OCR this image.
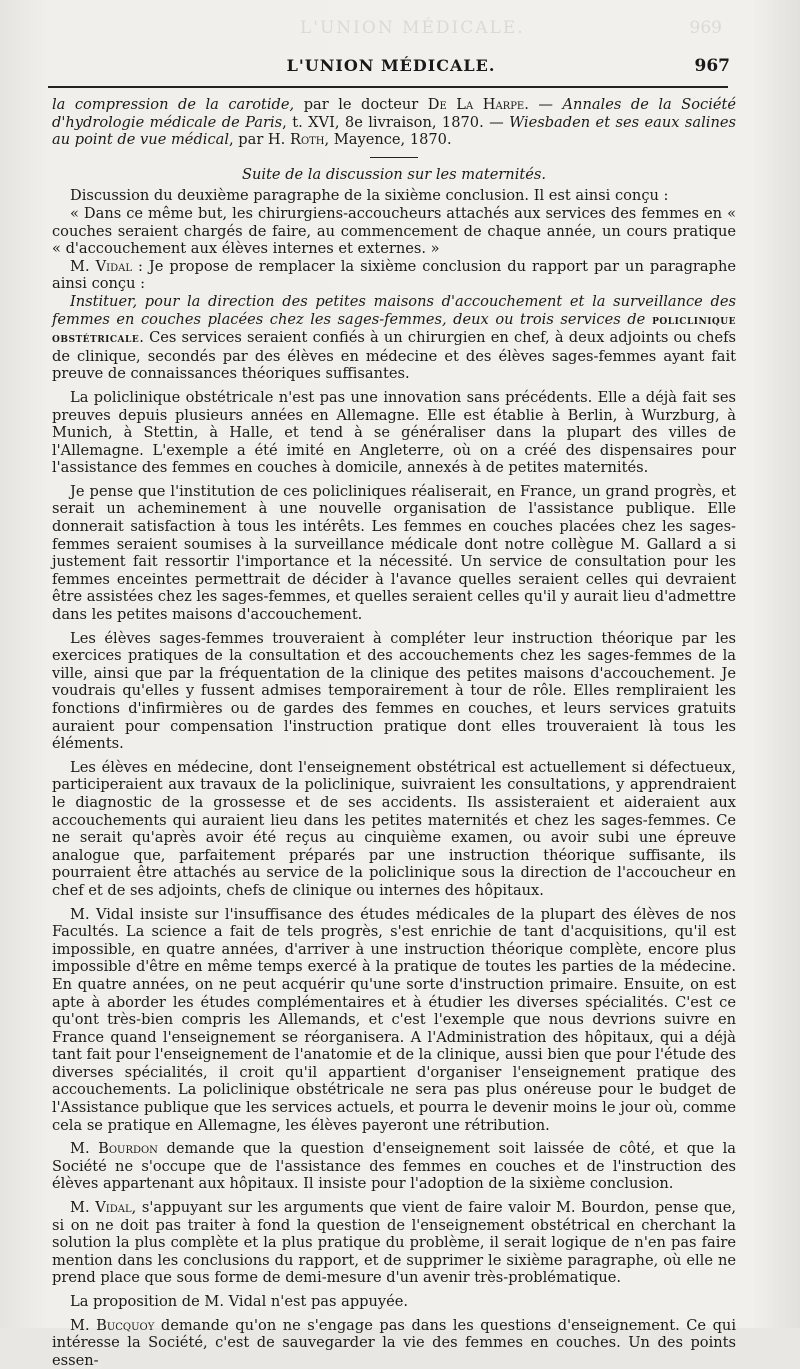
L'UNION MÉDICALE.	969
L'UNION MÉDICALE.	967

la compression de la carotide, par le docteur De La Harpe. — Annales de la Société d'hydrologie médicale de Paris, t. XVI, 8e livraison, 1870. — Wiesbaden et ses eaux salines au point de vue médical, par H. Roth, Mayence, 1870.

Suite de la discussion sur les maternités.

Discussion du deuxième paragraphe de la sixième conclusion. Il est ainsi conçu :

« Dans ce même but, les chirurgiens-accoucheurs attachés aux services des femmes en « couches seraient chargés de faire, au commencement de chaque année, un cours pratique « d'accouchement aux élèves internes et externes. »

M. Vidal : Je propose de remplacer la sixième conclusion du rapport par un paragraphe ainsi conçu :

Instituer, pour la direction des petites maisons d'accouchement et la surveillance des femmes en couches placées chez les sages-femmes, deux ou trois services de policlinique obstétricale. Ces services seraient confiés à un chirurgien en chef, à deux adjoints ou chefs de clinique, secondés par des élèves en médecine et des élèves sages-femmes ayant fait preuve de connaissances théoriques suffisantes.

La policlinique obstétricale n'est pas une innovation sans précédents. Elle a déjà fait ses preuves depuis plusieurs années en Allemagne. Elle est établie à Berlin, à Wurzburg, à Munich, à Stettin, à Halle, et tend à se généraliser dans la plupart des villes de l'Allemagne. L'exemple a été imité en Angleterre, où on a créé des dispensaires pour l'assistance des femmes en couches à domicile, annexés à de petites maternités.

Je pense que l'institution de ces policliniques réaliserait, en France, un grand progrès, et serait un acheminement à une nouvelle organisation de l'assistance publique. Elle donnerait satisfaction à tous les intérêts. Les femmes en couches placées chez les sages-femmes seraient soumises à la surveillance médicale dont notre collègue M. Gallard a si justement fait ressortir l'importance et la nécessité. Un service de consultation pour les femmes enceintes permettrait de décider à l'avance quelles seraient celles qui devraient être assistées chez les sages-femmes, et quelles seraient celles qu'il y aurait lieu d'admettre dans les petites maisons d'accouchement.

Les élèves sages-femmes trouveraient à compléter leur instruction théorique par les exercices pratiques de la consultation et des accouchements chez les sages-femmes de la ville, ainsi que par la fréquentation de la clinique des petites maisons d'accouchement. Je voudrais qu'elles y fussent admises temporairement à tour de rôle. Elles rempliraient les fonctions d'infirmières ou de gardes des femmes en couches, et leurs services gratuits auraient pour compensation l'instruction pratique dont elles trouveraient là tous les éléments.

Les élèves en médecine, dont l'enseignement obstétrical est actuellement si défectueux, participeraient aux travaux de la policlinique, suivraient les consultations, y apprendraient le diagnostic de la grossesse et de ses accidents. Ils assisteraient et aideraient aux accouchements qui auraient lieu dans les petites maternités et chez les sages-femmes. Ce ne serait qu'après avoir été reçus au cinquième examen, ou avoir subi une épreuve analogue que, parfaitement préparés par une instruction théorique suffisante, ils pourraient être attachés au service de la policlinique sous la direction de l'accoucheur en chef et de ses adjoints, chefs de clinique ou internes des hôpitaux.

M. Vidal insiste sur l'insuffisance des études médicales de la plupart des élèves de nos Facultés. La science a fait de tels progrès, s'est enrichie de tant d'acquisitions, qu'il est impossible, en quatre années, d'arriver à une instruction théorique complète, encore plus impossible d'être en même temps exercé à la pratique de toutes les parties de la médecine. En quatre années, on ne peut acquérir qu'une sorte d'instruction primaire. Ensuite, on est apte à aborder les études complémentaires et à étudier les diverses spécialités. C'est ce qu'ont très-bien compris les Allemands, et c'est l'exemple que nous devrions suivre en France quand l'enseignement se réorganisera. A l'Administration des hôpitaux, qui a déjà tant fait pour l'enseignement de l'anatomie et de la clinique, aussi bien que pour l'étude des diverses spécialités, il croit qu'il appartient d'organiser l'enseignement pratique des accouchements. La policlinique obstétricale ne sera pas plus onéreuse pour le budget de l'Assistance publique que les services actuels, et pourra le devenir moins le jour où, comme cela se pratique en Allemagne, les élèves payeront une rétribution.

M. Bourdon demande que la question d'enseignement soit laissée de côté, et que la Société ne s'occupe que de l'assistance des femmes en couches et de l'instruction des élèves appartenant aux hôpitaux. Il insiste pour l'adoption de la sixième conclusion.

M. Vidal, s'appuyant sur les arguments que vient de faire valoir M. Bourdon, pense que, si on ne doit pas traiter à fond la question de l'enseignement obstétrical en cherchant la solution la plus complète et la plus pratique du problème, il serait logique de n'en pas faire mention dans les conclusions du rapport, et de supprimer le sixième paragraphe, où elle ne prend place que sous forme de demi-mesure d'un avenir très-problématique.

La proposition de M. Vidal n'est pas appuyée.

M. Bucquoy demande qu'on ne s'engage pas dans les questions d'enseignement. Ce qui intéresse la Société, c'est de sauvegarder la vie des femmes en couches. Un des points essen-
